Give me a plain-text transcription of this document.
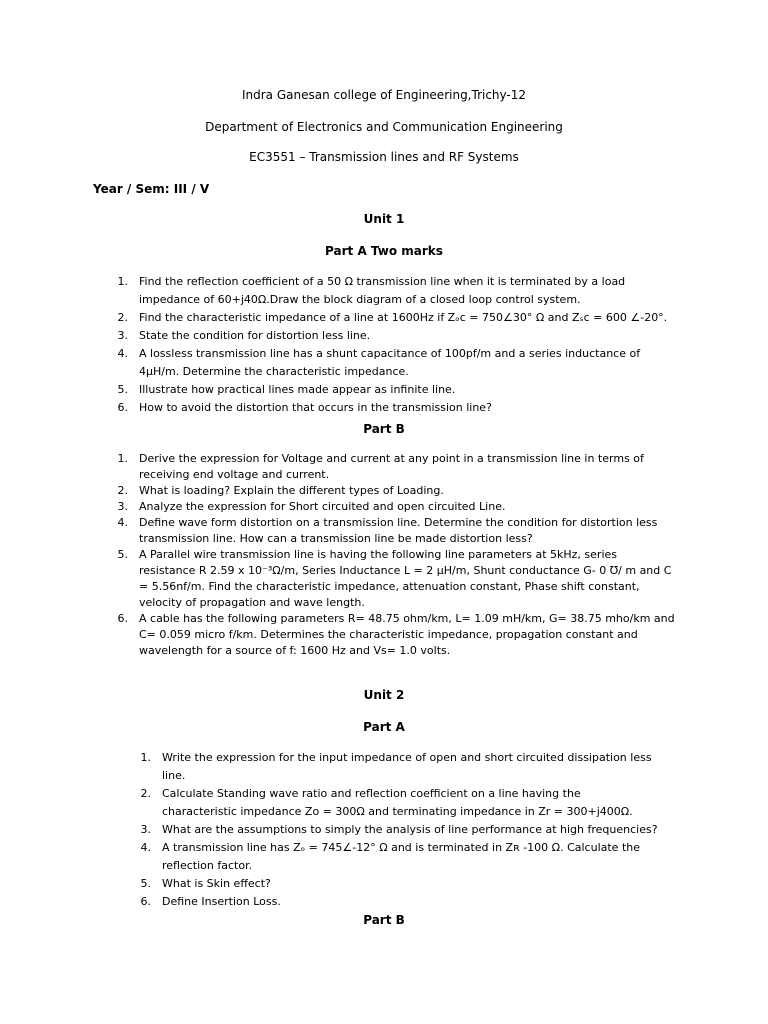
Indra Ganesan college of Engineering,Trichy-12
Department of Electronics and Communication Engineering
EC3551 – Transmission lines and RF Systems
Year / Sem: III / V
Unit 1
Part A Two marks
1. Find the reflection coefficient of a 50 Ω transmission line when it is terminated by a load impedance of 60+j40Ω.Draw the block diagram of a closed loop control system.
2. Find the characteristic impedance of a line at 1600Hz if Zₒc = 750∠30° Ω and Zₛc = 600 ∠-20°.
3. State the condition for distortion less line.
4. A lossless transmission line has a shunt capacitance of 100pf/m and a series inductance of 4µH/m. Determine the characteristic impedance.
5. Illustrate how practical lines made appear as infinite line.
6. How to avoid the distortion that occurs in the transmission line?
Part B
1. Derive the expression for Voltage and current at any point in a transmission line in terms of receiving end voltage and current.
2. What is loading? Explain the different types of Loading.
3. Analyze the expression for Short circuited and open circuited Line.
4. Define wave form distortion on a transmission line. Determine the condition for distortion less transmission line. How can a transmission line be made distortion less?
5. A Parallel wire transmission line is having the following line parameters at 5kHz, series resistance R 2.59 x 10⁻³Ω/m, Series Inductance L = 2 µH/m, Shunt conductance G- 0 ℧/ m and C = 5.56nf/m. Find the characteristic impedance, attenuation constant, Phase shift constant, velocity of propagation and wave length.
6. A cable has the following parameters R= 48.75 ohm/km, L= 1.09 mH/km, G= 38.75 mho/km and C= 0.059 micro f/km. Determines the characteristic impedance, propagation constant and wavelength for a source of f: 1600 Hz and Vs= 1.0 volts.
Unit 2
Part A
1. Write the expression for the input impedance of open and short circuited dissipation less line.
2. Calculate Standing wave ratio and reflection coefficient on a line having the characteristic impedance Zo = 300Ω and terminating impedance in Zr = 300+j400Ω.
3. What are the assumptions to simply the analysis of line performance at high frequencies?
4. A transmission line has Zₒ = 745∠-12° Ω and is terminated in Zʀ -100 Ω. Calculate the reflection factor.
5. What is Skin effect?
6. Define Insertion Loss.
Part B
